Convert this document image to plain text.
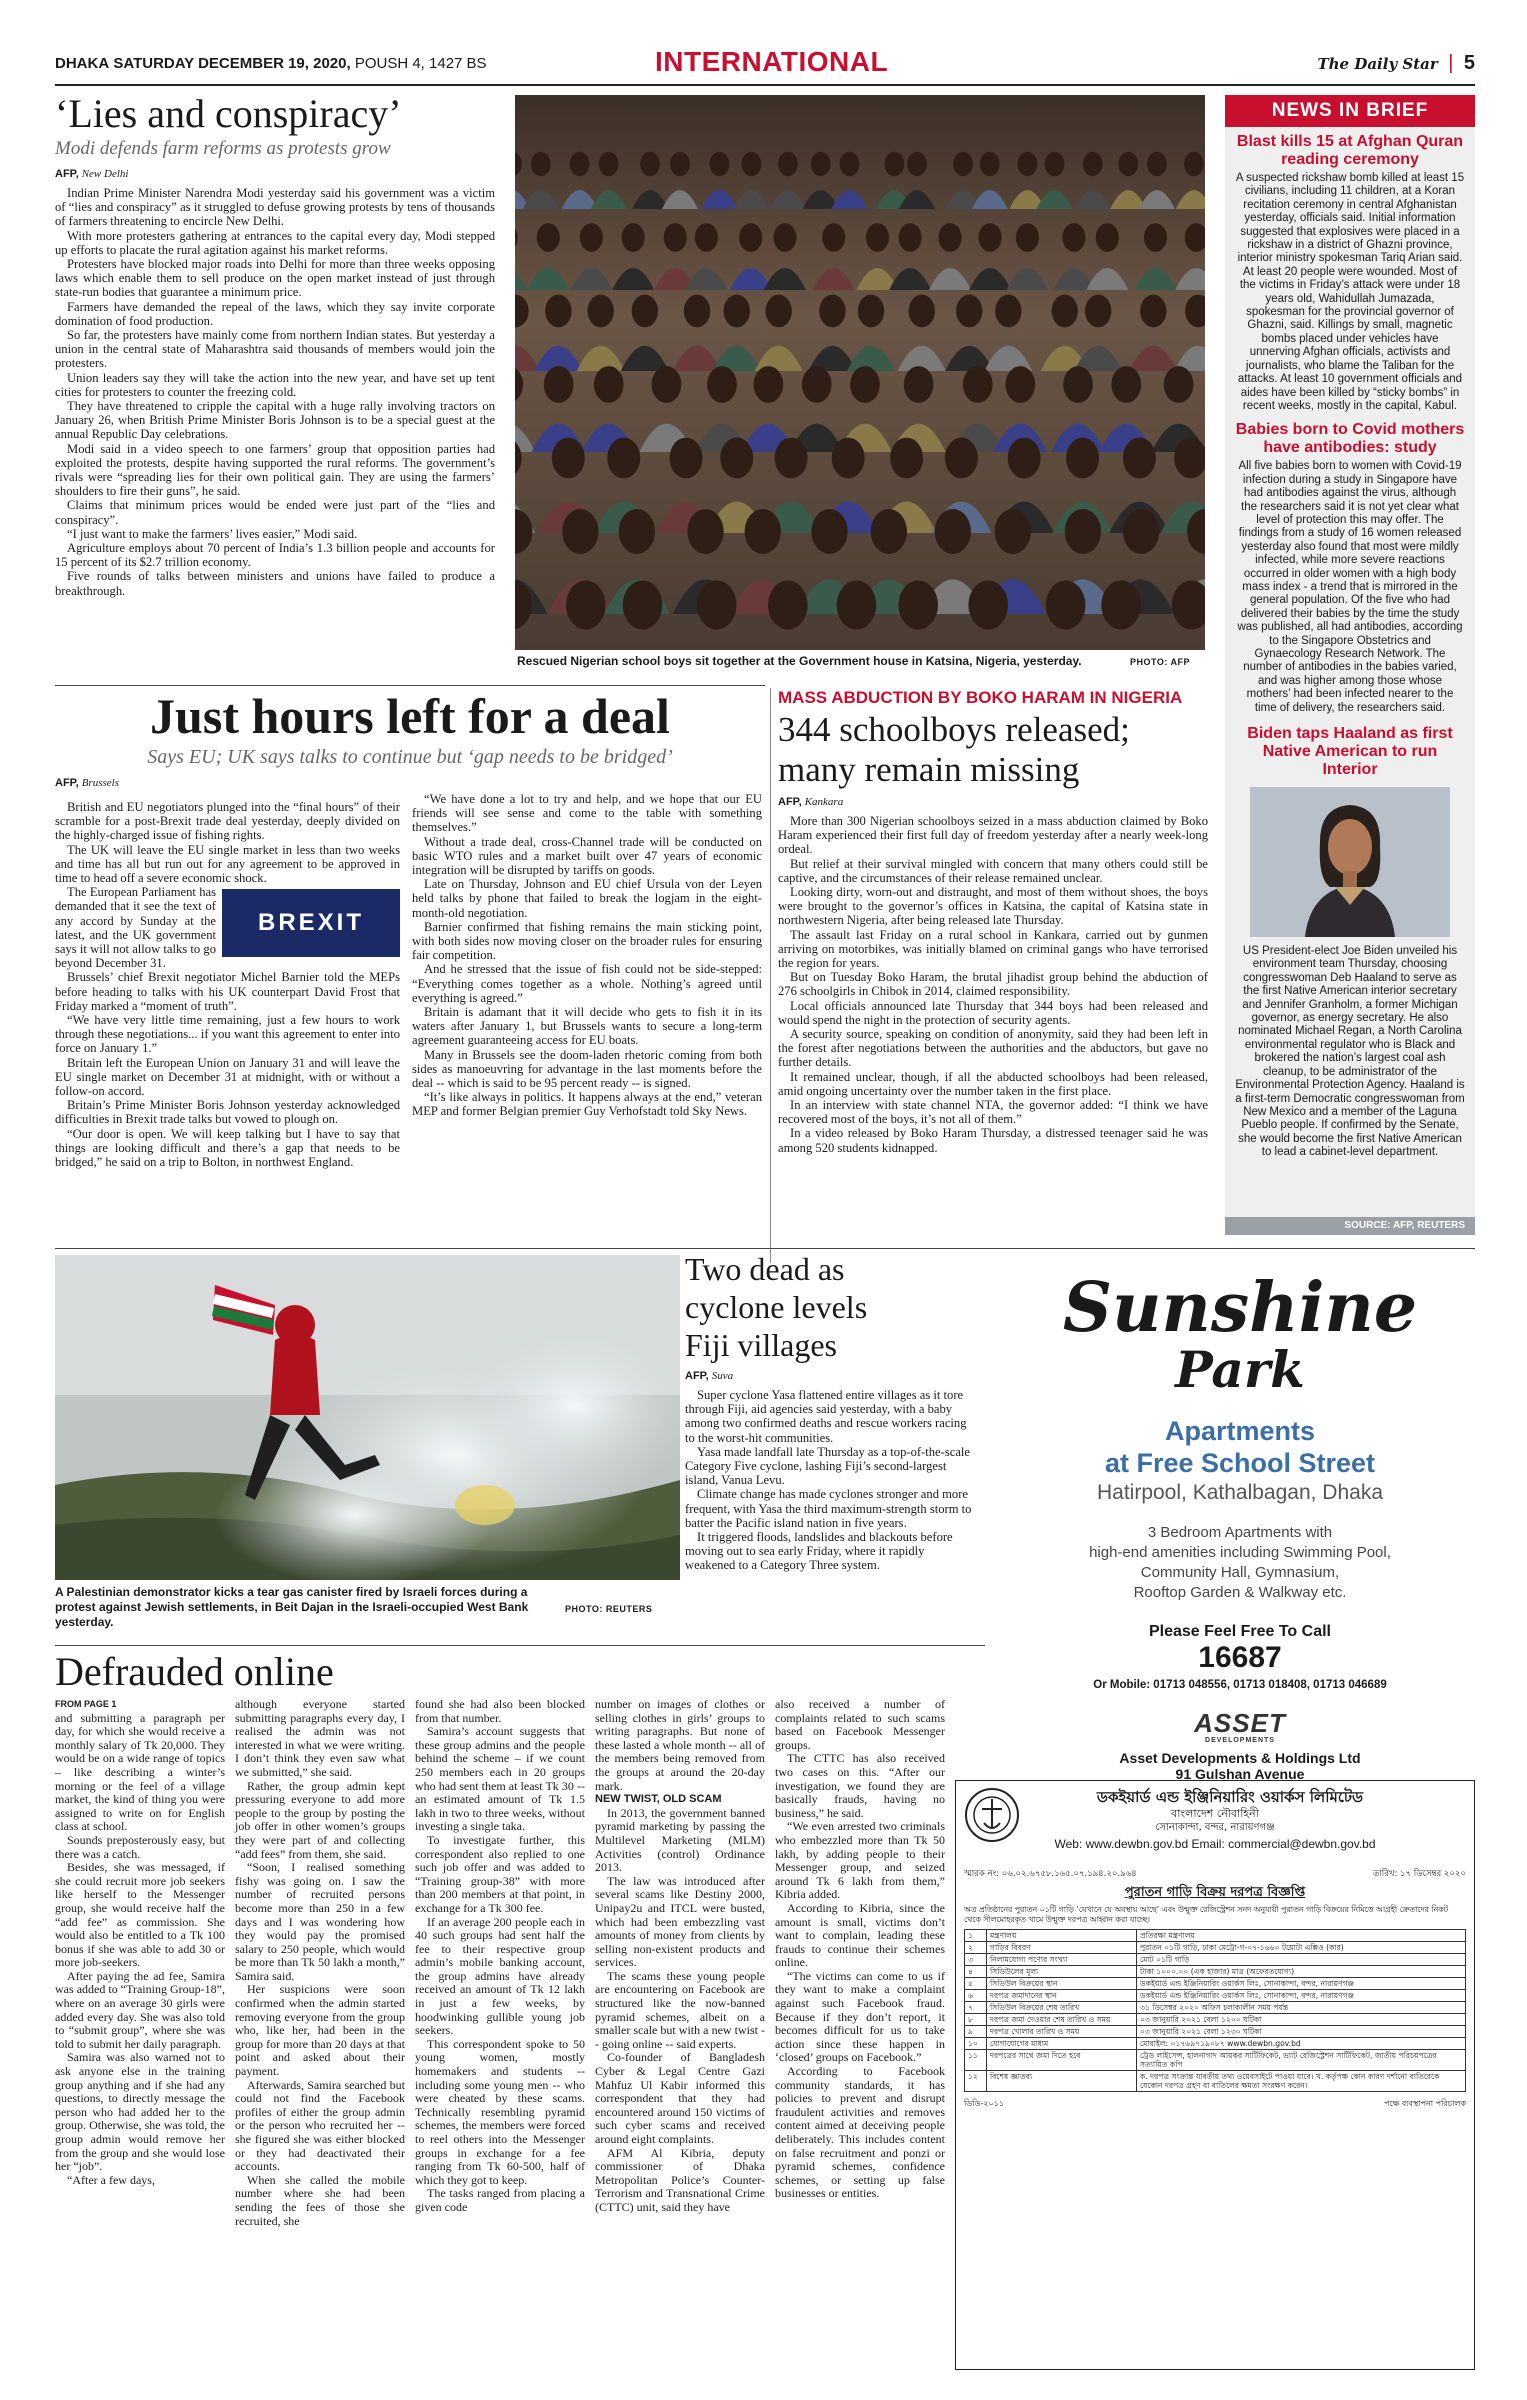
DHAKA SATURDAY DECEMBER 19, 2020, POUSH 4, 1427 BS	INTERNATIONAL	The Daily Star | 5
‘Lies and conspiracy’
Modi defends farm reforms as protests grow
AFP, New Delhi

Indian Prime Minister Narendra Modi yesterday said his government was a victim of “lies and conspiracy” as it struggled to defuse growing protests by tens of thousands of farmers threatening to encircle New Delhi.

With more protesters gathering at entrances to the capital every day, Modi stepped up efforts to placate the rural agitation against his market reforms.

Protesters have blocked major roads into Delhi for more than three weeks opposing laws which enable them to sell produce on the open market instead of just through state-run bodies that guarantee a minimum price.

Farmers have demanded the repeal of the laws, which they say invite corporate domination of food production.

So far, the protesters have mainly come from northern Indian states. But yesterday a union in the central state of Maharashtra said thousands of members would join the protesters.

Union leaders say they will take the action into the new year, and have set up tent cities for protesters to counter the freezing cold.

They have threatened to cripple the capital with a huge rally involving tractors on January 26, when British Prime Minister Boris Johnson is to be a special guest at the annual Republic Day celebrations.

Modi said in a video speech to one farmers’ group that opposition parties had exploited the protests, despite having supported the rural reforms. The government’s rivals were “spreading lies for their own political gain. They are using the farmers’ shoulders to fire their guns”, he said.

Claims that minimum prices would be ended were just part of the “lies and conspiracy”.

“I just want to make the farmers’ lives easier,” Modi said.

Agriculture employs about 70 percent of India’s 1.3 billion people and accounts for 15 percent of its $2.7 trillion economy.

Five rounds of talks between ministers and unions have failed to produce a breakthrough.

Rescued Nigerian school boys sit together at the Government house in Katsina, Nigeria, yesterday.	PHOTO: AFP
NEWS IN BRIEF
Blast kills 15 at Afghan Quran reading ceremony
A suspected rickshaw bomb killed at least 15 civilians, including 11 children, at a Koran recitation ceremony in central Afghanistan yesterday, officials said. Initial information suggested that explosives were placed in a rickshaw in a district of Ghazni province, interior ministry spokesman Tariq Arian said. At least 20 people were wounded. Most of the victims in Friday’s attack were under 18 years old, Wahidullah Jumazada, spokesman for the provincial governor of Ghazni, said. Killings by small, magnetic bombs placed under vehicles have unnerving Afghan officials, activists and journalists, who blame the Taliban for the attacks. At least 10 government officials and aides have been killed by “sticky bombs” in recent weeks, mostly in the capital, Kabul.
Babies born to Covid mothers have antibodies: study
All five babies born to women with Covid-19 infection during a study in Singapore have had antibodies against the virus, although the researchers said it is not yet clear what level of protection this may offer. The findings from a study of 16 women released yesterday also found that most were mildly infected, while more severe reactions occurred in older women with a high body mass index - a trend that is mirrored in the general population. Of the five who had delivered their babies by the time the study was published, all had antibodies, according to the Singapore Obstetrics and Gynaecology Research Network. The number of antibodies in the babies varied, and was higher among those whose mothers’ had been infected nearer to the time of delivery, the researchers said.
Biden taps Haaland as first Native American to run Interior
US President-elect Joe Biden unveiled his environment team Thursday, choosing congresswoman Deb Haaland to serve as the first Native American interior secretary and Jennifer Granholm, a former Michigan governor, as energy secretary. He also nominated Michael Regan, a North Carolina environmental regulator who is Black and brokered the nation’s largest coal ash cleanup, to be administrator of the Environmental Protection Agency. Haaland is a first-term Democratic congresswoman from New Mexico and a member of the Laguna Pueblo people. If confirmed by the Senate, she would become the first Native American to lead a cabinet-level department.
SOURCE: AFP, REUTERS
Just hours left for a deal
Says EU; UK says talks to continue but ‘gap needs to be bridged’
AFP, Brussels

British and EU negotiators plunged into the “final hours” of their scramble for a post-Brexit trade deal yesterday, deeply divided on the highly-charged issue of fishing rights.

The UK will leave the EU single market in less than two weeks and time has all but run out for any agreement to be approved in time to head off a severe economic shock.

BREXIT

The European Parliament has demanded that it see the text of any accord by Sunday at the latest, and the UK government says it will not allow talks to go beyond December 31.

Brussels’ chief Brexit negotiator Michel Barnier told the MEPs before heading to talks with his UK counterpart David Frost that Friday marked a “moment of truth”.

“We have very little time remaining, just a few hours to work through these negotiations... if you want this agreement to enter into force on January 1.”

Britain left the European Union on January 31 and will leave the EU single market on December 31 at midnight, with or without a follow-on accord.

Britain’s Prime Minister Boris Johnson yesterday acknowledged difficulties in Brexit trade talks but vowed to plough on.

“Our door is open. We will keep talking but I have to say that things are looking difficult and there’s a gap that needs to be bridged,” he said on a trip to Bolton, in northwest England.

“We have done a lot to try and help, and we hope that our EU friends will see sense and come to the table with something themselves.”

Without a trade deal, cross-Channel trade will be conducted on basic WTO rules and a market built over 47 years of economic integration will be disrupted by tariffs on goods.

Late on Thursday, Johnson and EU chief Ursula von der Leyen held talks by phone that failed to break the logjam in the eight-month-old negotiation.

Barnier confirmed that fishing remains the main sticking point, with both sides now moving closer on the broader rules for ensuring fair competition.

And he stressed that the issue of fish could not be side-stepped: “Everything comes together as a whole. Nothing’s agreed until everything is agreed.”

Britain is adamant that it will decide who gets to fish it in its waters after January 1, but Brussels wants to secure a long-term agreement guaranteeing access for EU boats.

Many in Brussels see the doom-laden rhetoric coming from both sides as manoeuvring for advantage in the last moments before the deal -- which is said to be 95 percent ready -- is signed.

“It’s like always in politics. It happens always at the end,” veteran MEP and former Belgian premier Guy Verhofstadt told Sky News.

MASS ABDUCTION BY BOKO HARAM IN NIGERIA
344 schoolboys released;
many remain missing
AFP, Kankara

More than 300 Nigerian schoolboys seized in a mass abduction claimed by Boko Haram experienced their first full day of freedom yesterday after a nearly week-long ordeal.

But relief at their survival mingled with concern that many others could still be captive, and the circumstances of their release remained unclear.

Looking dirty, worn-out and distraught, and most of them without shoes, the boys were brought to the governor’s offices in Katsina, the capital of Katsina state in northwestern Nigeria, after being released late Thursday.

The assault last Friday on a rural school in Kankara, carried out by gunmen arriving on motorbikes, was initially blamed on criminal gangs who have terrorised the region for years.

But on Tuesday Boko Haram, the brutal jihadist group behind the abduction of 276 schoolgirls in Chibok in 2014, claimed responsibility.

Local officials announced late Thursday that 344 boys had been released and would spend the night in the protection of security agents.

A security source, speaking on condition of anonymity, said they had been left in the forest after negotiations between the authorities and the abductors, but gave no further details.

It remained unclear, though, if all the abducted schoolboys had been released, amid ongoing uncertainty over the number taken in the first place.

In an interview with state channel NTA, the governor added: “I think we have recovered most of the boys, it’s not all of them.”

In a video released by Boko Haram Thursday, a distressed teenager said he was among 520 students kidnapped.

A Palestinian demonstrator kicks a tear gas canister fired by Israeli forces during a protest against Jewish settlements, in Beit Dajan in the Israeli-occupied West Bank yesterday.
PHOTO: REUTERS
Two dead as
cyclone levels
Fiji villages
AFP, Suva

Super cyclone Yasa flattened entire villages as it tore through Fiji, aid agencies said yesterday, with a baby among two confirmed deaths and rescue workers racing to the worst-hit communities.

Yasa made landfall late Thursday as a top-of-the-scale Category Five cyclone, lashing Fiji’s second-largest island, Vanua Levu.

Climate change has made cyclones stronger and more frequent, with Yasa the third maximum-strength storm to batter the Pacific island nation in five years.

It triggered floods, landslides and blackouts before moving out to sea early Friday, where it rapidly weakened to a Category Three system.

Sunshine
Park
Apartments
at Free School Street
Hatirpool, Kathalbagan, Dhaka
3 Bedroom Apartments with
high-end amenities including Swimming Pool,
Community Hall, Gymnasium,
Rooftop Garden & Walkway etc.
Please Feel Free To Call
16687
Or Mobile: 01713 048556, 01713 018408, 01713 046689
ASSET
DEVELOPMENTS
Asset Developments & Holdings Ltd
91 Gulshan Avenue
Defrauded online
FROM PAGE 1

and submitting a paragraph per day, for which she would receive a monthly salary of Tk 20,000. They would be on a wide range of topics – like describing a winter’s morning or the feel of a village market, the kind of thing you were assigned to write on for English class at school.

Sounds preposterously easy, but there was a catch.

Besides, she was messaged, if she could recruit more job seekers like herself to the Messenger group, she would receive half the “add fee” as commission. She would also be entitled to a Tk 100 bonus if she was able to add 30 or more job-seekers.

After paying the ad fee, Samira was added to “Training Group-18”, where on an average 30 girls were added every day. She was also told to “submit group”, where she was told to submit her daily paragraph.

Samira was also warned not to ask anyone else in the training group anything and if she had any questions, to directly message the person who had added her to the group. Otherwise, she was told, the group admin would remove her from the group and she would lose her “job”.

“After a few days,

although everyone started submitting paragraphs every day, I realised the admin was not interested in what we were writing. I don’t think they even saw what we submitted,” she said.

Rather, the group admin kept pressuring everyone to add more people to the group by posting the job offer in other women’s groups they were part of and collecting “add fees” from them, she said.

“Soon, I realised something fishy was going on. I saw the number of recruited persons become more than 250 in a few days and I was wondering how they would pay the promised salary to 250 people, which would be more than Tk 50 lakh a month,” Samira said.

Her suspicions were soon confirmed when the admin started removing everyone from the group who, like her, had been in the group for more than 20 days at that point and asked about their payment.

Afterwards, Samira searched but could not find the Facebook profiles of either the group admin or the person who recruited her -- she figured she was either blocked or they had deactivated their accounts.

When she called the mobile number where she had been sending the fees of those she recruited, she

found she had also been blocked from that number.

Samira’s account suggests that these group admins and the people behind the scheme – if we count 250 members each in 20 groups who had sent them at least Tk 30 -- an estimated amount of Tk 1.5 lakh in two to three weeks, without investing a single taka.

To investigate further, this correspondent also replied to one such job offer and was added to “Training group-38” with more than 200 members at that point, in exchange for a Tk 300 fee.

If an average 200 people each in 40 such groups had sent half the fee to their respective group admin’s mobile banking account, the group admins have already received an amount of Tk 12 lakh in just a few weeks, by hoodwinking gullible young job seekers.

This correspondent spoke to 50 young women, mostly homemakers and students -- including some young men -- who were cheated by these scams. Technically resembling pyramid schemes, the members were forced to reel others into the Messenger groups in exchange for a fee ranging from Tk 60-500, half of which they got to keep.

The tasks ranged from placing a given code

number on images of clothes or selling clothes in girls’ groups to writing paragraphs. But none of these lasted a whole month -- all of the members being removed from the groups at around the 20-day mark.

NEW TWIST, OLD SCAM

In 2013, the government banned pyramid marketing by passing the Multilevel Marketing (MLM) Activities (control) Ordinance 2013.

The law was introduced after several scams like Destiny 2000, Unipay2u and ITCL were busted, which had been embezzling vast amounts of money from clients by selling non-existent products and services.

The scams these young people are encountering on Facebook are structured like the now-banned pyramid schemes, albeit on a smaller scale but with a new twist -- going online -- said experts.

Co-founder of Bangladesh Cyber & Legal Centre Gazi Mahfuz Ul Kabir informed this correspondent that they had encountered around 150 victims of such cyber scams and received around eight complaints.

AFM Al Kibria, deputy commissioner of Dhaka Metropolitan Police’s Counter-Terrorism and Transnational Crime (CTTC) unit, said they have

also received a number of complaints related to such scams based on Facebook Messenger groups.

The CTTC has also received two cases on this. “After our investigation, we found they are basically frauds, having no business,” he said.

“We even arrested two criminals who embezzled more than Tk 50 lakh, by adding people to their Messenger group, and seized around Tk 6 lakh from them,” Kibria added.

According to Kibria, since the amount is small, victims don’t want to complain, leading these frauds to continue their schemes online.

“The victims can come to us if they want to make a complaint against such Facebook fraud. Because if they don’t report, it becomes difficult for us to take action since these happen in ‘closed’ groups on Facebook.”

According to Facebook community standards, it has policies to prevent and disrupt fraudulent activities and removes content aimed at deceiving people deliberately. This includes content on false recruitment and ponzi or pyramid schemes, confidence schemes, or setting up false businesses or entities.

ডকইয়ার্ড এন্ড ইঞ্জিনিয়ারিং ওয়ার্কস লিমিটেড
বাংলাদেশ নৌবাহিনী
সোনাকান্দা, বন্দর, নারায়ণগঞ্জ
Web: www.dewbn.gov.bd Email: commercial@dewbn.gov.bd
স্মারক নং: ০৬.০২.৬৭৫৮.১৬৫.০৭.১৯৪.২০.৯৬৪	তারিখ: ১৭ ডিসেম্বর ২০২০
পুরাতন গাড়ি বিক্রয় দরপত্র বিজ্ঞপ্তি
অত্র প্রতিষ্ঠানের পুরাতন ০১টি গাড়ি ‘যেখানে যে অবস্থায় আছে’ এবং উন্মুক্ত রেজিস্ট্রেশন সনদ অনুযায়ী পুরাতন গাড়ি বিক্রয়ের নিমিত্তে আগ্রহী ক্রেতাদের নিকট থেকে সীলমোহরকৃত খামে উন্মুক্ত দরপত্র আহ্বান করা যাচ্ছে।
১	মন্ত্রণালয়	প্রতিরক্ষা মন্ত্রণালয়
২	গাড়ির বিবরণ	পুরাতন ০১টি গাড়ি, ঢাকা মেট্রো-গ-০৭-১৬৬০ টয়োটা এক্সিও (কার)
৩	নিলামযোগ্য পণ্যের সংখ্যা	মোট ০১টি গাড়ি
৪	সিডিউলের মূল্য	টাকা ১০০০.০০ (এক হাজার) মাত্র (অফেরতযোগ্য)
৫	সিডিউল বিক্রয়ের স্থান	ডকইয়ার্ড এন্ড ইঞ্জিনিয়ারিং ওয়ার্কস লিঃ, সোনাকান্দা, বন্দর, নারায়ণগঞ্জ
৬	দরপত্র জমাদানের স্থান	ডকইয়ার্ড এন্ড ইঞ্জিনিয়ারিং ওয়ার্কস লিঃ, সোনাকান্দা, বন্দর, নারায়ণগঞ্জ
৭	সিডিউল বিক্রয়ের শেষ তারিখ	৩১ ডিসেম্বর ২০২০ অফিস চলাকালীন সময় পর্যন্ত
৮	দরপত্র জমা দেওয়ার শেষ তারিখ ও সময়	০৩ জানুয়ারি ২০২১ বেলা ১২০০ ঘটিকা
৯	দরপত্র খোলার তারিখ ও সময়	০৩ জানুয়ারি ২০২১ বেলা ১২৩০ ঘটিকা
১০	যোগাযোগের মাধ্যম	মোবাইল: ০১৭৬৯৭১৯০৮৭ www.dewbn.gov.bd
১১	দরপত্রের সাথে জমা দিতে হবে	ট্রেড লাইসেন্স, হালনাগাদ আয়কর সার্টিফিকেট, ভ্যাট রেজিস্ট্রেশন সার্টিফিকেট, জাতীয় পরিচয়পত্রের সত্যায়িত কপি
১২	বিশেষ জ্ঞাতব্য	ক. দরপত্র সংক্রান্ত যাবতীয় তথ্য ওয়েবসাইটে পাওয়া যাবে। খ. কর্তৃপক্ষ কোন কারণ দর্শানো ব্যতিরেকে যেকোন দরপত্র গ্রহণ বা বাতিলের ক্ষমতা সংরক্ষণ করেন।
ডিডি-২০১১	পক্ষে ব্যবস্থাপনা পরিচালক
